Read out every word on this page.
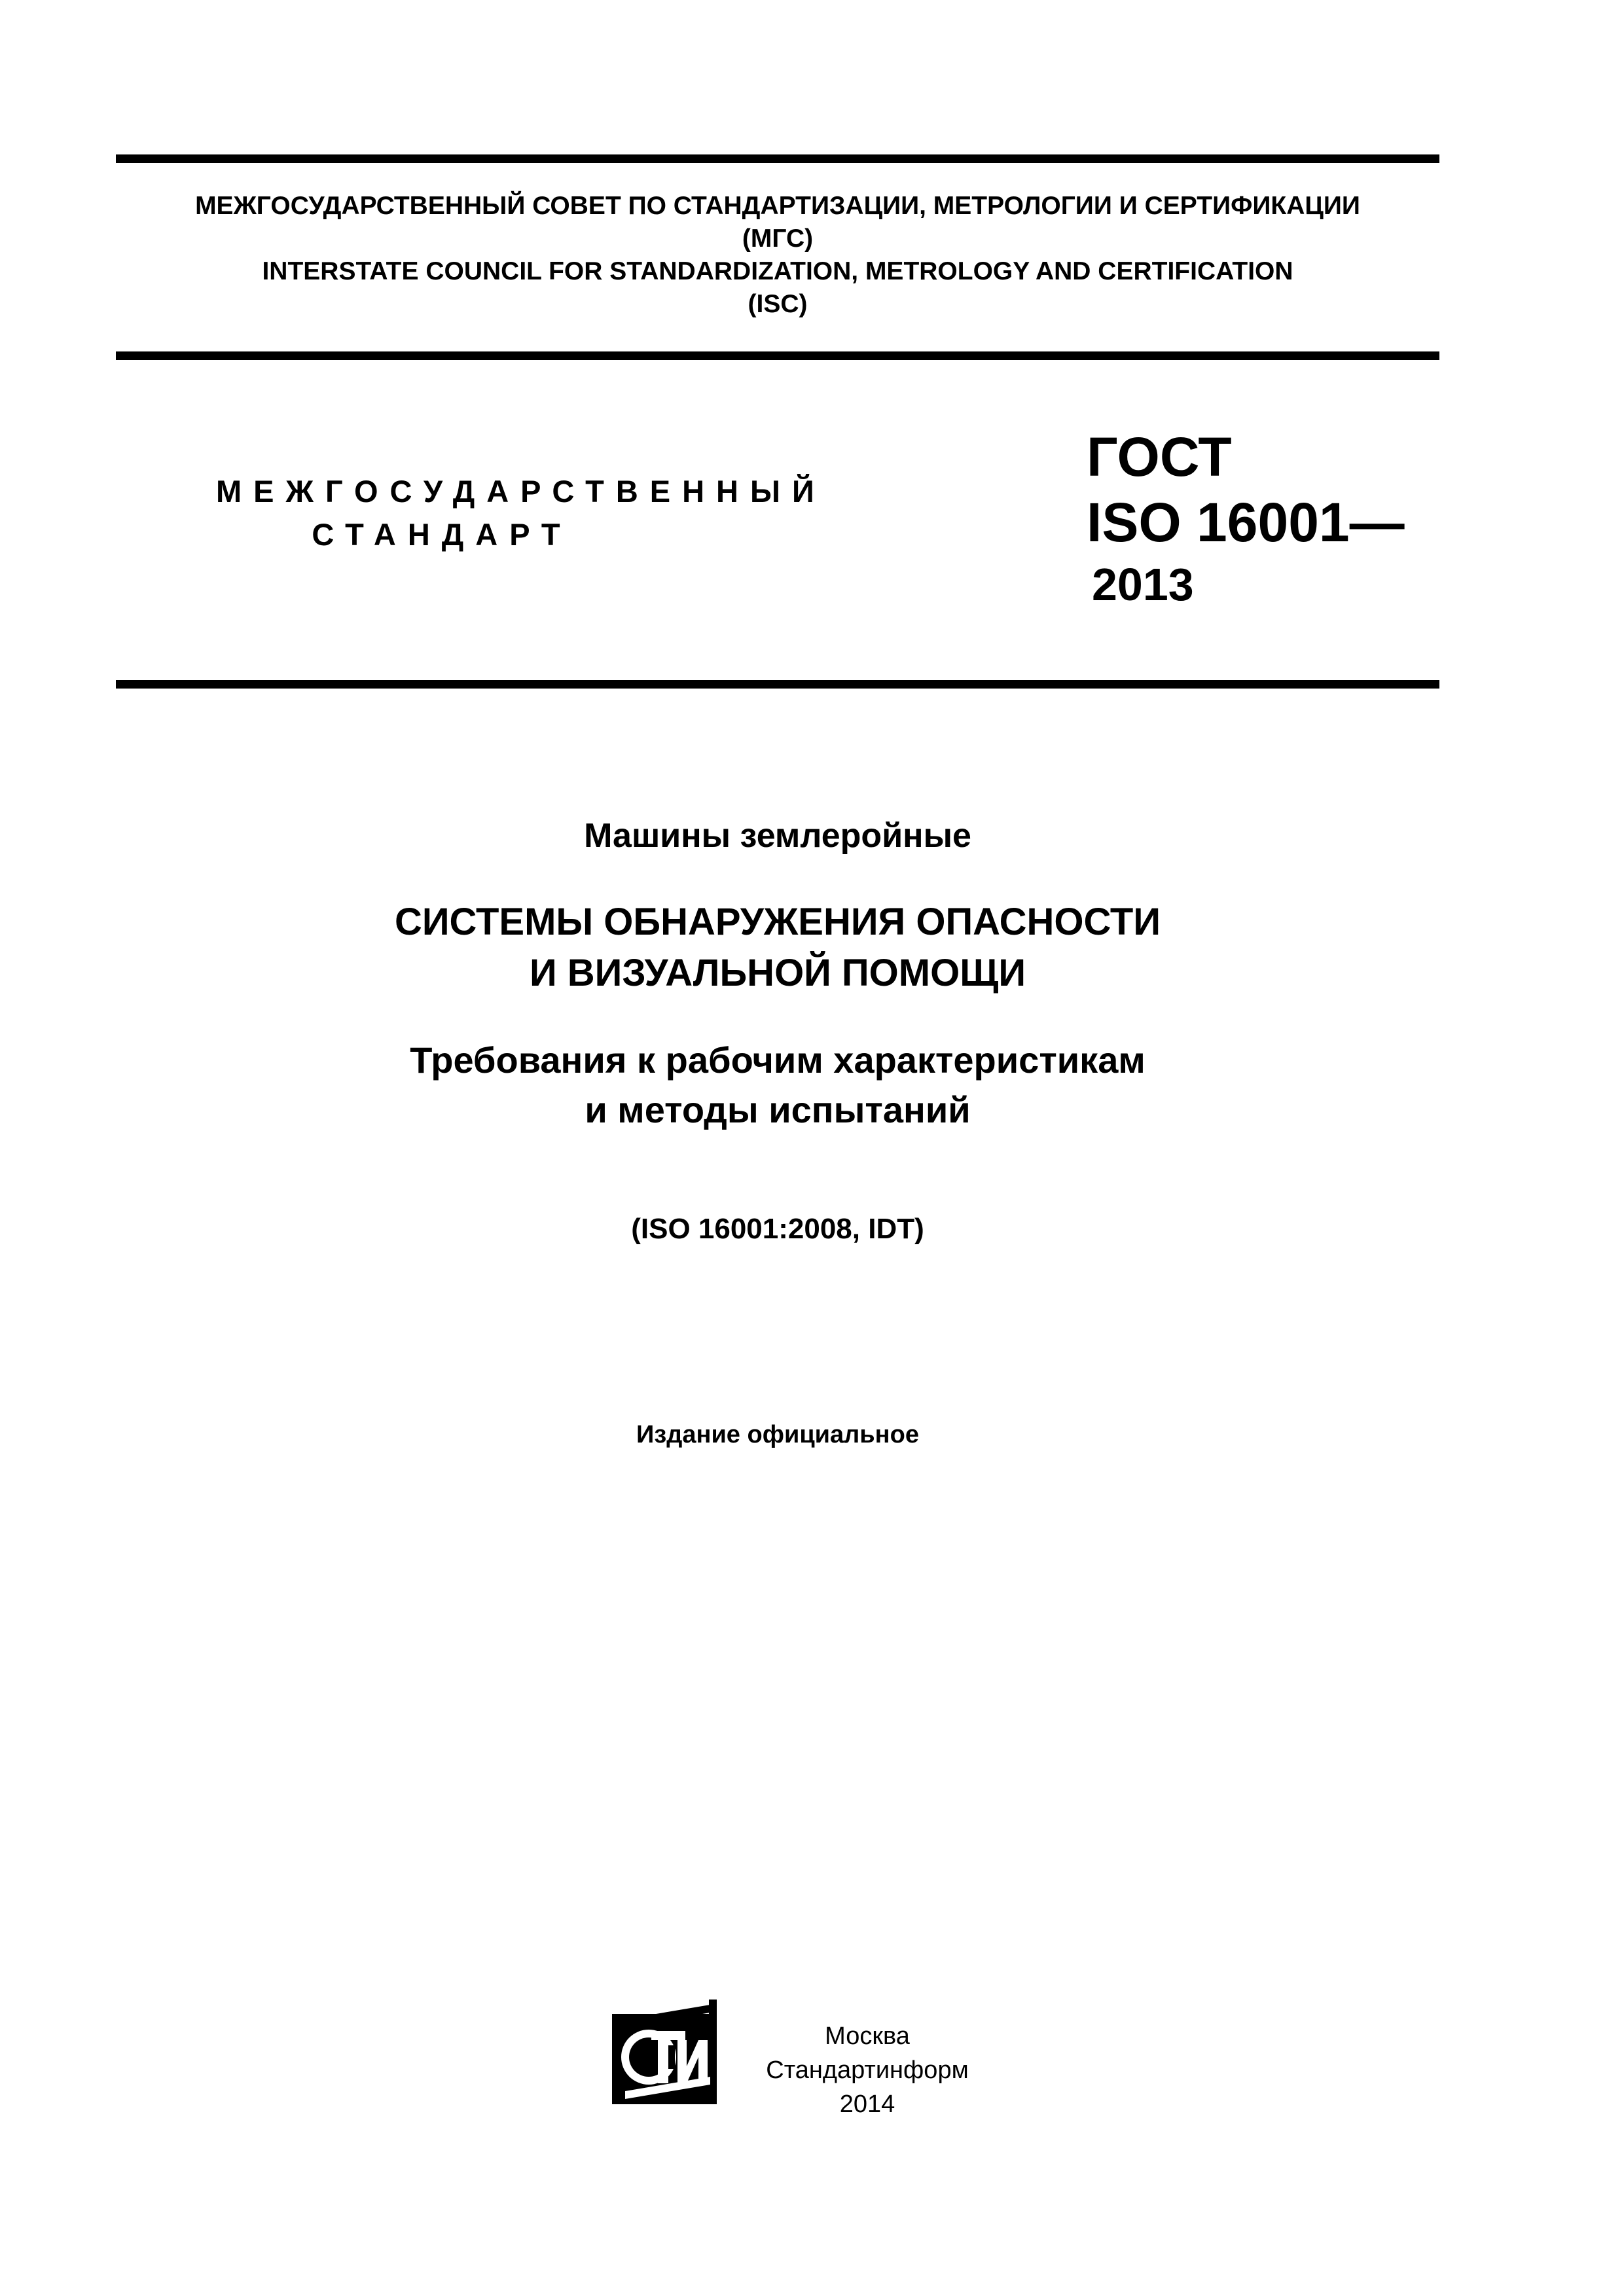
МЕЖГОСУДАРСТВЕННЫЙ СОВЕТ ПО СТАНДАРТИЗАЦИИ, МЕТРОЛОГИИ И СЕРТИФИКАЦИИ
(МГС)
INTERSTATE COUNCIL FOR STANDARDIZATION, METROLOGY AND CERTIFICATION
(ISC)
МЕЖГОСУДАРСТВЕННЫЙ
СТАНДАРТ
ГОСТ
ISO 16001—
2013
Машины землеройные
СИСТЕМЫ ОБНАРУЖЕНИЯ ОПАСНОСТИ
И ВИЗУАЛЬНОЙ ПОМОЩИ
Требования к рабочим характеристикам
и методы испытаний
(ISO 16001:2008, IDT)
Издание официальное
Москва
Стандартинформ
2014
